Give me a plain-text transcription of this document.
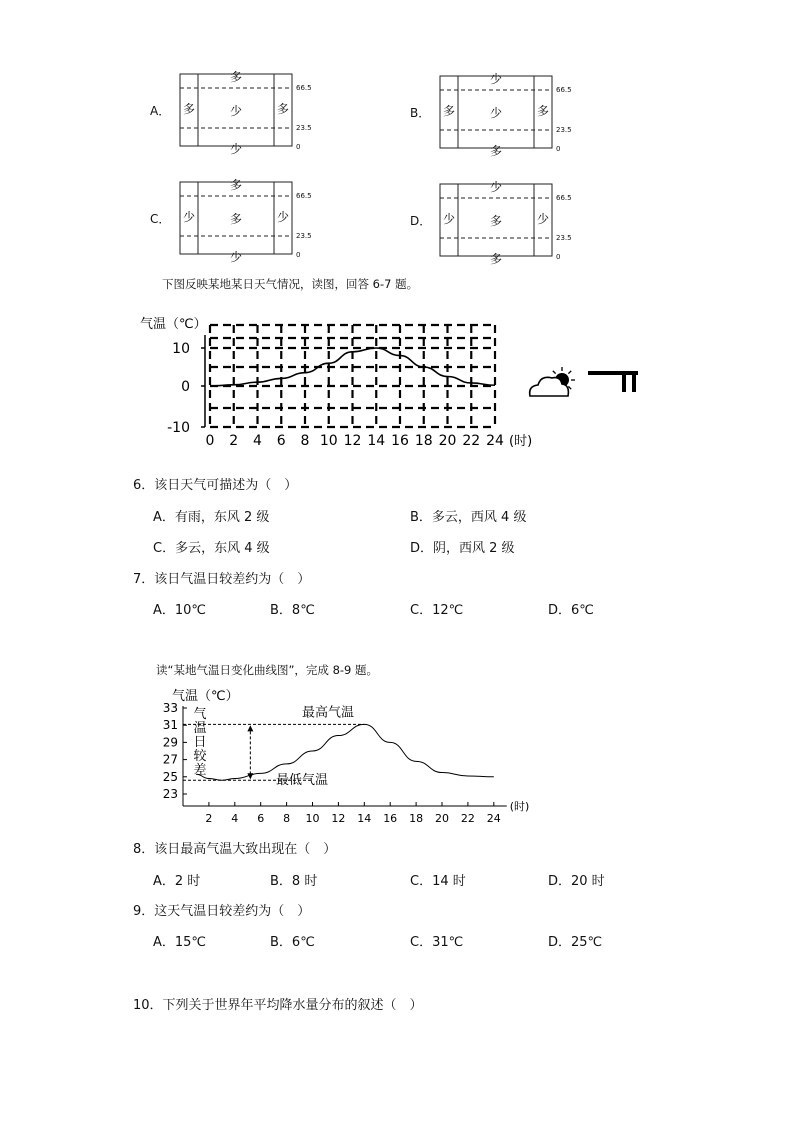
A．
多
少
多	少	多
66.5
23.5
0
B．
少
多
多	少	多
66.5
23.5
0
C．
多
少
少	多	少
66.5
23.5
0
D．
少
多
少	多	少
66.5
23.5
0
下图反映某地某日天气情况，读图，回答 6-7 题。
10
0
-10
气温（℃）
0 2 4 6 8 10 12 14 16 18 20 22 24 (时)
6．该日天气可描述为（　）
A．有雨，东风 2 级	B．多云，西风 4 级
C．多云，东风 4 级	D．阴，西风 2 级
7．该日气温日较差约为（　）
A．10℃	B．8℃	C．12℃	D．6℃
读“某地气温日变化曲线图”，完成 8-9 题。
33
31
29
27
25
23
2 4 6 8 10 12 14 16 18 20 22 24
(时)
气温（℃）
最高气温
最低气温
气
温
日
较
差
8．该日最高气温大致出现在（　）
A．2 时	B．8 时	C．14 时	D．20 时
9．这天气温日较差约为（　）
A．15℃	B．6℃	C．31℃	D．25℃
10．下列关于世界年平均降水量分布的叙述（　）
